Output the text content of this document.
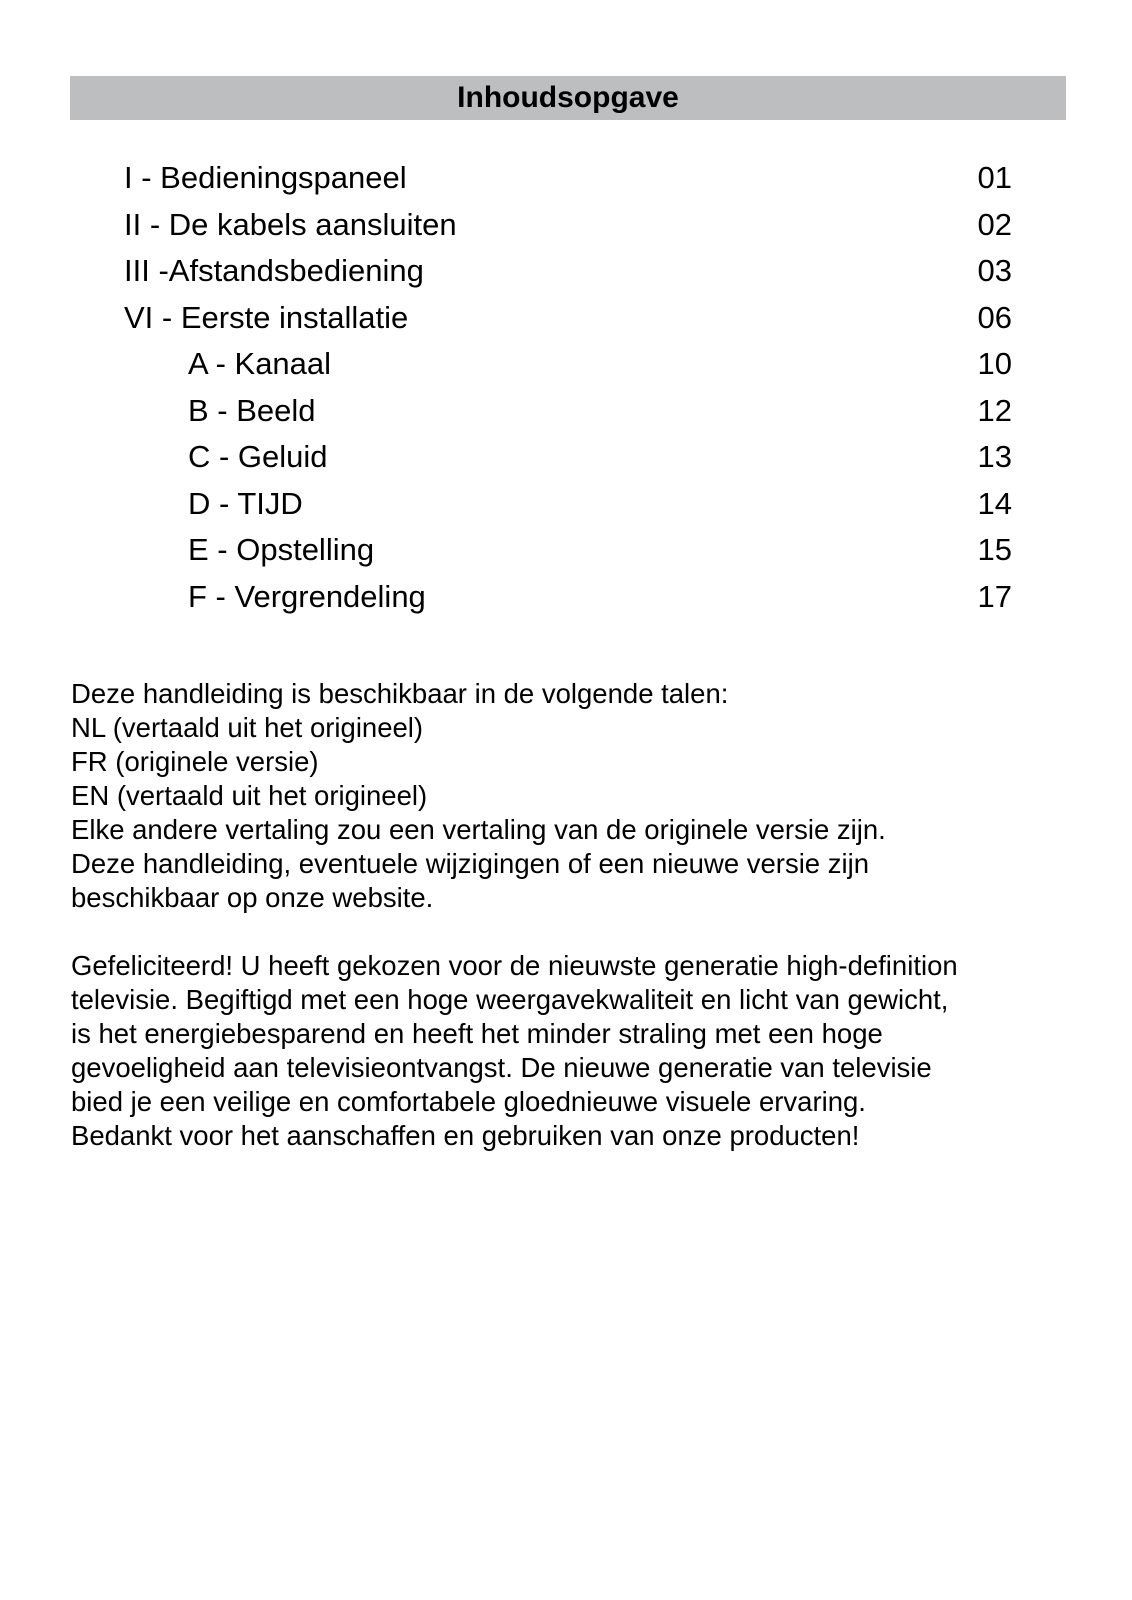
Inhoudsopgave
I - Bedieningspaneel	01
II - De kabels aansluiten	02
III -Afstandsbediening	03
VI - Eerste installatie	06
A - Kanaal	10
B - Beeld	12
C - Geluid	13
D - TIJD	14
E - Opstelling	15
F - Vergrendeling	17
Deze handleiding is beschikbaar in de volgende talen:
NL (vertaald uit het origineel)
FR (originele versie)
EN (vertaald uit het origineel)
Elke andere vertaling zou een vertaling van de originele versie zijn.
Deze handleiding, eventuele wijzigingen of een nieuwe versie zijn
beschikbaar op onze website.
Gefeliciteerd! U heeft gekozen voor de nieuwste generatie high-definition
televisie. Begiftigd met een hoge weergavekwaliteit en licht van gewicht,
is het energiebesparend en heeft het minder straling met een hoge
gevoeligheid aan televisieontvangst. De nieuwe generatie van televisie
bied je een veilige en comfortabele gloednieuwe visuele ervaring.
Bedankt voor het aanschaffen en gebruiken van onze producten!
